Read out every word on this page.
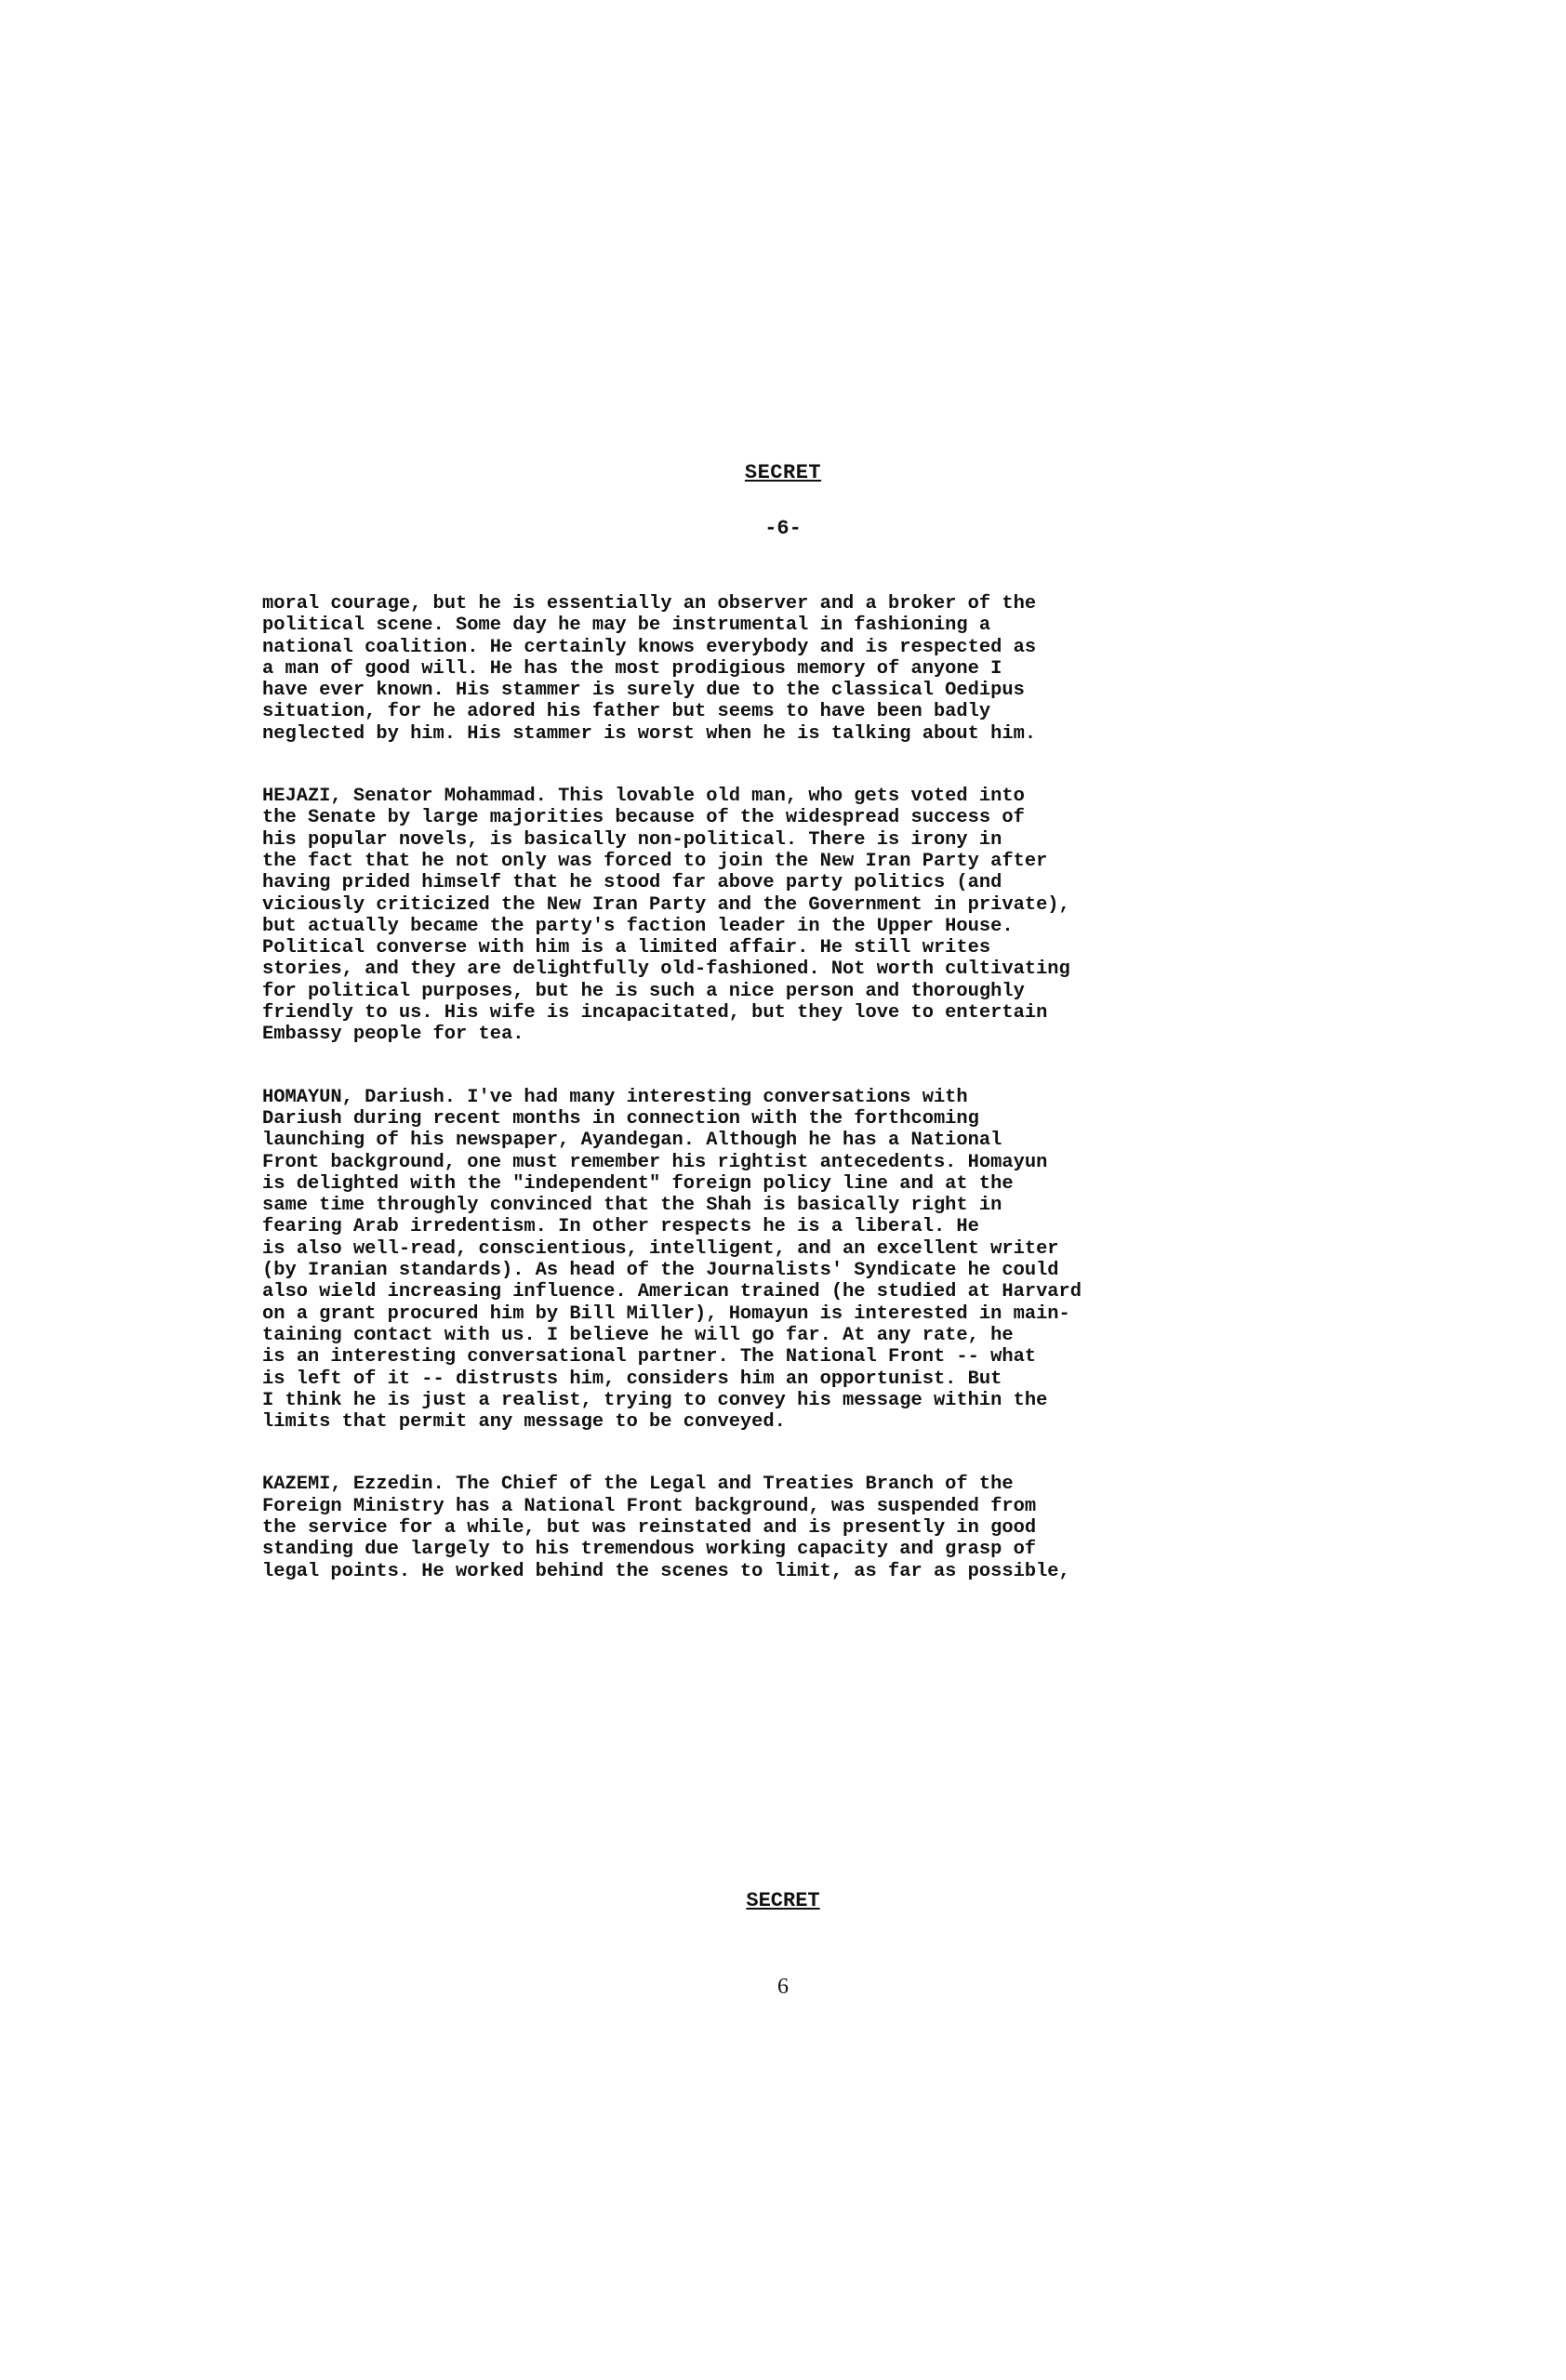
SECRET
-6-

moral courage, but he is essentially an observer and a broker of the
political scene. Some day he may be instrumental in fashioning a
national coalition. He certainly knows everybody and is respected as
a man of good will. He has the most prodigious memory of anyone I
have ever known. His stammer is surely due to the classical Oedipus
situation, for he adored his father but seems to have been badly
neglected by him. His stammer is worst when he is talking about him.

HEJAZI, Senator Mohammad. This lovable old man, who gets voted into
the Senate by large majorities because of the widespread success of
his popular novels, is basically non-political. There is irony in
the fact that he not only was forced to join the New Iran Party after
having prided himself that he stood far above party politics (and
viciously criticized the New Iran Party and the Government in private),
but actually became the party's faction leader in the Upper House.
Political converse with him is a limited affair. He still writes
stories, and they are delightfully old-fashioned. Not worth cultivating
for political purposes, but he is such a nice person and thoroughly
friendly to us. His wife is incapacitated, but they love to entertain
Embassy people for tea.

HOMAYUN, Dariush. I've had many interesting conversations with
Dariush during recent months in connection with the forthcoming
launching of his newspaper, Ayandegan. Although he has a National
Front background, one must remember his rightist antecedents. Homayun
is delighted with the "independent" foreign policy line and at the
same time throughly convinced that the Shah is basically right in
fearing Arab irredentism. In other respects he is a liberal. He
is also well-read, conscientious, intelligent, and an excellent writer
(by Iranian standards). As head of the Journalists' Syndicate he could
also wield increasing influence. American trained (he studied at Harvard
on a grant procured him by Bill Miller), Homayun is interested in main-
taining contact with us. I believe he will go far. At any rate, he
is an interesting conversational partner. The National Front -- what
is left of it -- distrusts him, considers him an opportunist. But
I think he is just a realist, trying to convey his message within the
limits that permit any message to be conveyed.

KAZEMI, Ezzedin. The Chief of the Legal and Treaties Branch of the
Foreign Ministry has a National Front background, was suspended from
the service for a while, but was reinstated and is presently in good
standing due largely to his tremendous working capacity and grasp of
legal points. He worked behind the scenes to limit, as far as possible,

SECRET
6
